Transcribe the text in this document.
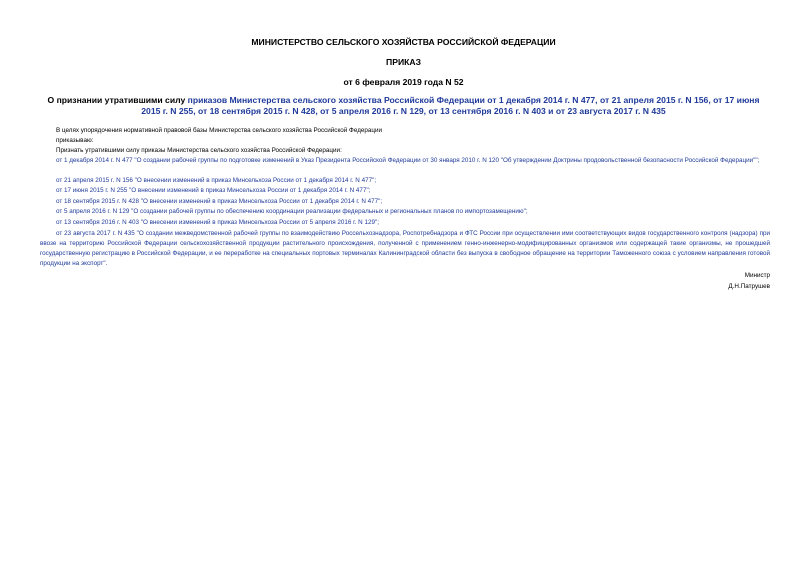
МИНИСТЕРСТВО СЕЛЬСКОГО ХОЗЯЙСТВА РОССИЙСКОЙ ФЕДЕРАЦИИ
ПРИКАЗ
от 6 февраля 2019 года N 52
О признании утратившими силу приказов Министерства сельского хозяйства Российской Федерации от 1 декабря 2014 г. N 477, от 21 апреля 2015 г. N 156, от 17 июня 2015 г. N 255, от 18 сентября 2015 г. N 428, от 5 апреля 2016 г. N 129, от 13 сентября 2016 г. N 403 и от 23 августа 2017 г. N 435
В целях упорядочения нормативной правовой базы Министерства сельского хозяйства Российской Федерации
приказываю:
Признать утратившими силу приказы Министерства сельского хозяйства Российской Федерации:
от 1 декабря 2014 г. N 477 "О создании рабочей группы по подготовке изменений в Указ Президента Российской Федерации от 30 января 2010 г. N 120 "Об утверждении Доктрины продовольственной безопасности Российской Федерации"";
от 21 апреля 2015 г. N 156 "О внесении изменений в приказ Минсельхоза России от 1 декабря 2014 г. N 477";
от 17 июня 2015 г. N 255 "О внесении изменений в приказ Минсельхоза России от 1 декабря 2014 г. N 477";
от 18 сентября 2015 г. N 428 "О внесении изменений в приказ Минсельхоза России от 1 декабря 2014 г. N 477";
от 5 апреля 2016 г. N 129 "О создании рабочей группы по обеспечению координации реализации федеральных и региональных планов по импортозамещению";
от 13 сентября 2016 г. N 403 "О внесении изменений в приказ Минсельхоза России от 5 апреля 2016 г. N 129";
от 23 августа 2017 г. N 435 "О создании межведомственной рабочей группы по взаимодействию Россельхознадзора, Роспотребнадзора и ФТС России при осуществлении ими соответствующих видов государственного контроля (надзора) при ввозе на территорию Российской Федерации сельскохозяйственной продукции растительного происхождения, полученной с применением генно-инженерно-модифицированных организмов или содержащей такие организмы, не прошедшей государственную регистрацию в Российской Федерации, и ее переработке на специальных портовых терминалах Калининградской области без выпуска в свободное обращение на территории Таможенного союза с условием направления готовой продукции на экспорт".
Министр
Д.Н.Патрушев
